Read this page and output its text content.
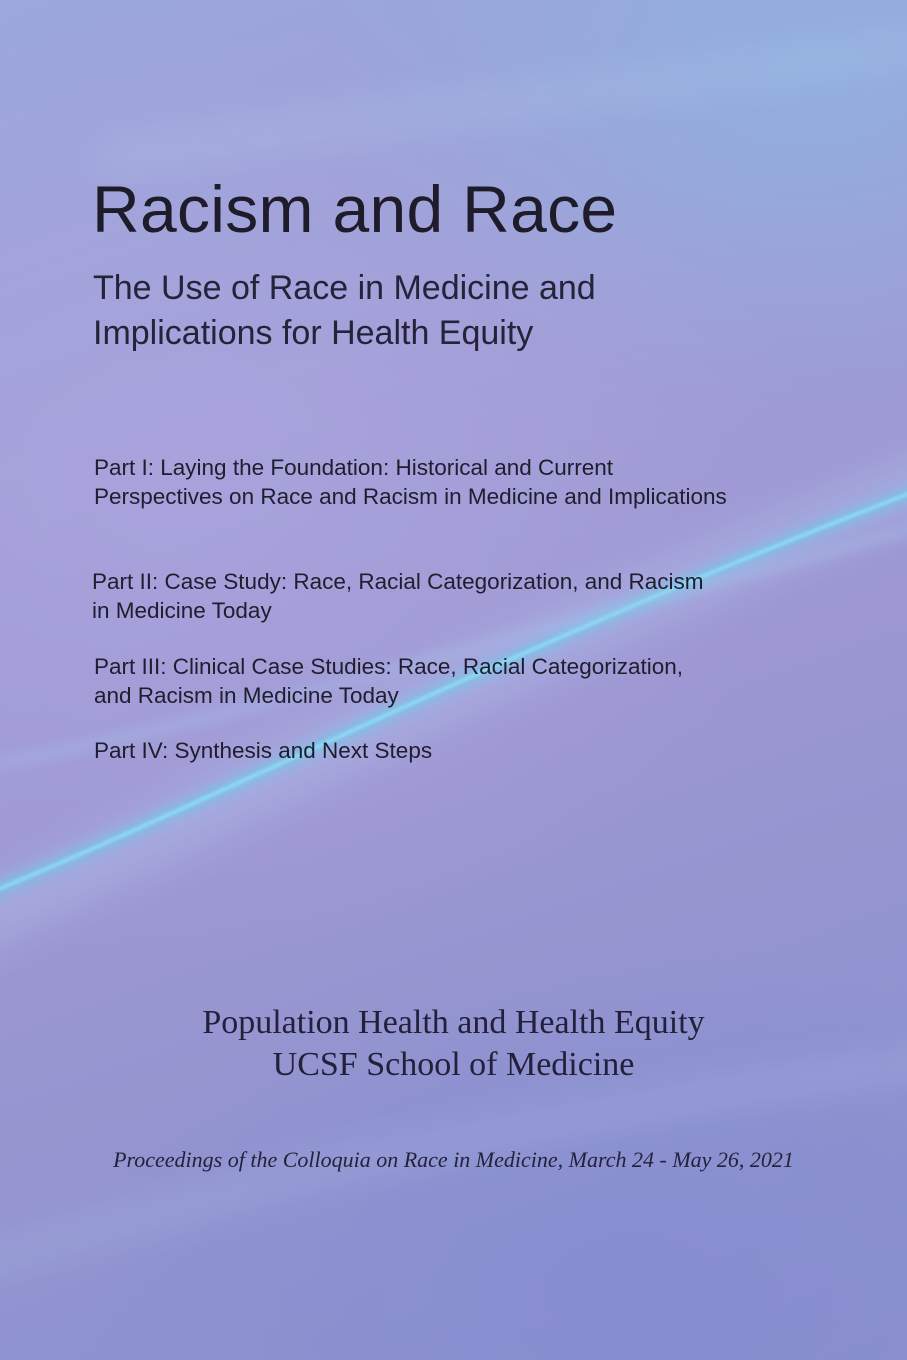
Racism and Race
The Use of Race in Medicine and
Implications for Health Equity

Part I: Laying the Foundation: Historical and Current
Perspectives on Race and Racism in Medicine and Implications

Part II: Case Study: Race, Racial Categorization, and Racism
in Medicine Today

Part III: Clinical Case Studies: Race, Racial Categorization,
and Racism in Medicine Today

Part IV: Synthesis and Next Steps

Population Health and Health Equity
UCSF School of Medicine
Proceedings of the Colloquia on Race in Medicine, March 24 - May 26, 2021
